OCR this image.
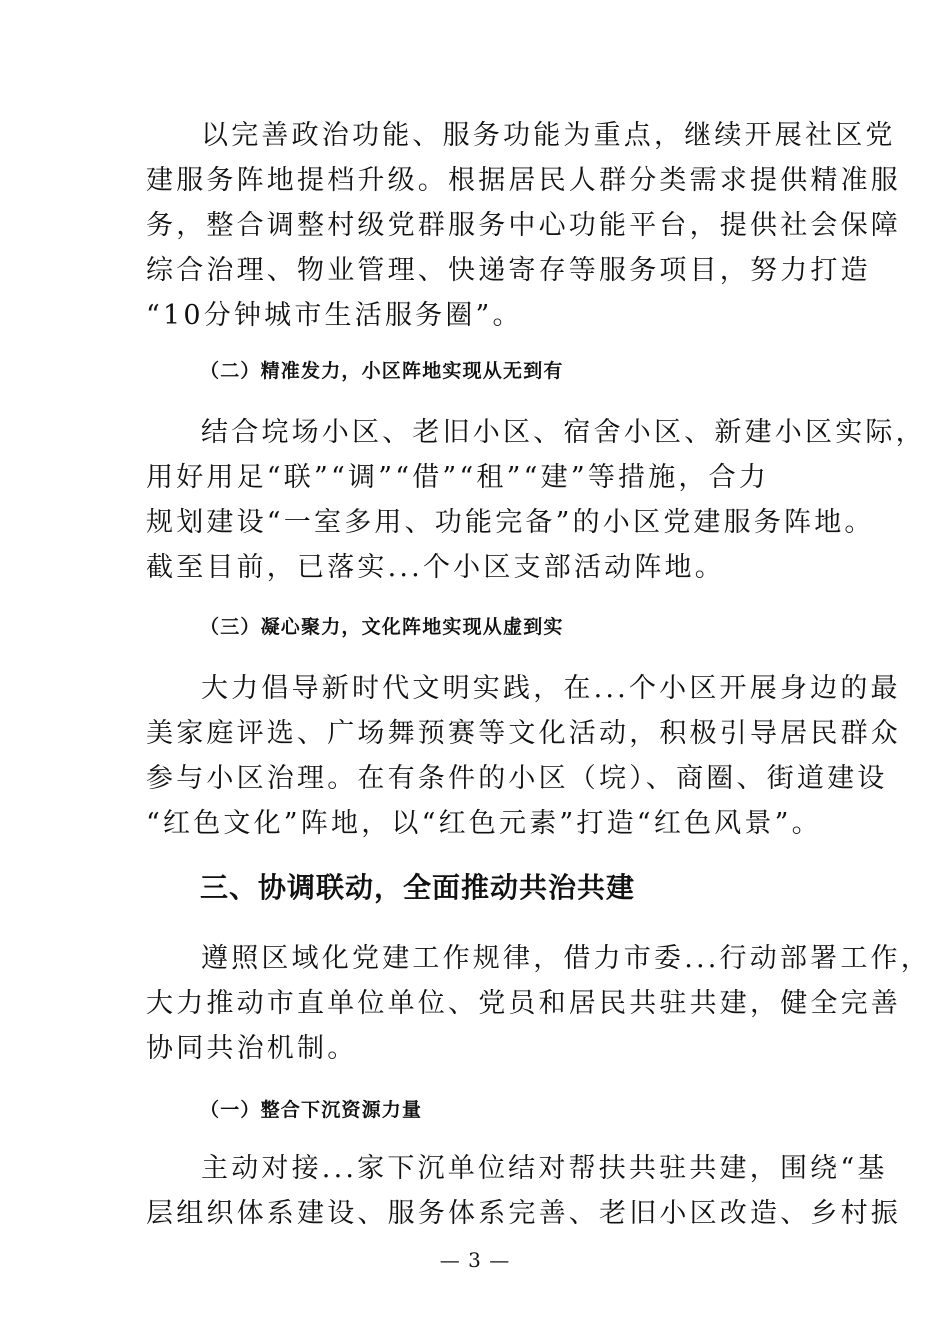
以完善政治功能、服务功能为重点，继续开展社区党
建服务阵地提档升级。根据居民人群分类需求提供精准服
务，整合调整村级党群服务中心功能平台，提供社会保障
综合治理、物业管理、快递寄存等服务项目，努力打造
“10分钟城市生活服务圈”。

（二）精准发力，小区阵地实现从无到有

结合垸场小区、老旧小区、宿舍小区、新建小区实际，
用好用足“联”“调”“借”“租”“建”等措施，合力
规划建设“一室多用、功能完备”的小区党建服务阵地。
截至目前，已落实...个小区支部活动阵地。

（三）凝心聚力，文化阵地实现从虚到实

大力倡导新时代文明实践，在...个小区开展身边的最
美家庭评选、广场舞预赛等文化活动，积极引导居民群众
参与小区治理。在有条件的小区（垸）、商圈、街道建设
“红色文化”阵地，以“红色元素”打造“红色风景”。

三、协调联动，全面推动共治共建

遵照区域化党建工作规律，借力市委...行动部署工作，
大力推动市直单位单位、党员和居民共驻共建，健全完善
协同共治机制。

（一）整合下沉资源力量

主动对接...家下沉单位结对帮扶共驻共建，围绕“基
层组织体系建设、服务体系完善、老旧小区改造、乡村振

— 3 —
